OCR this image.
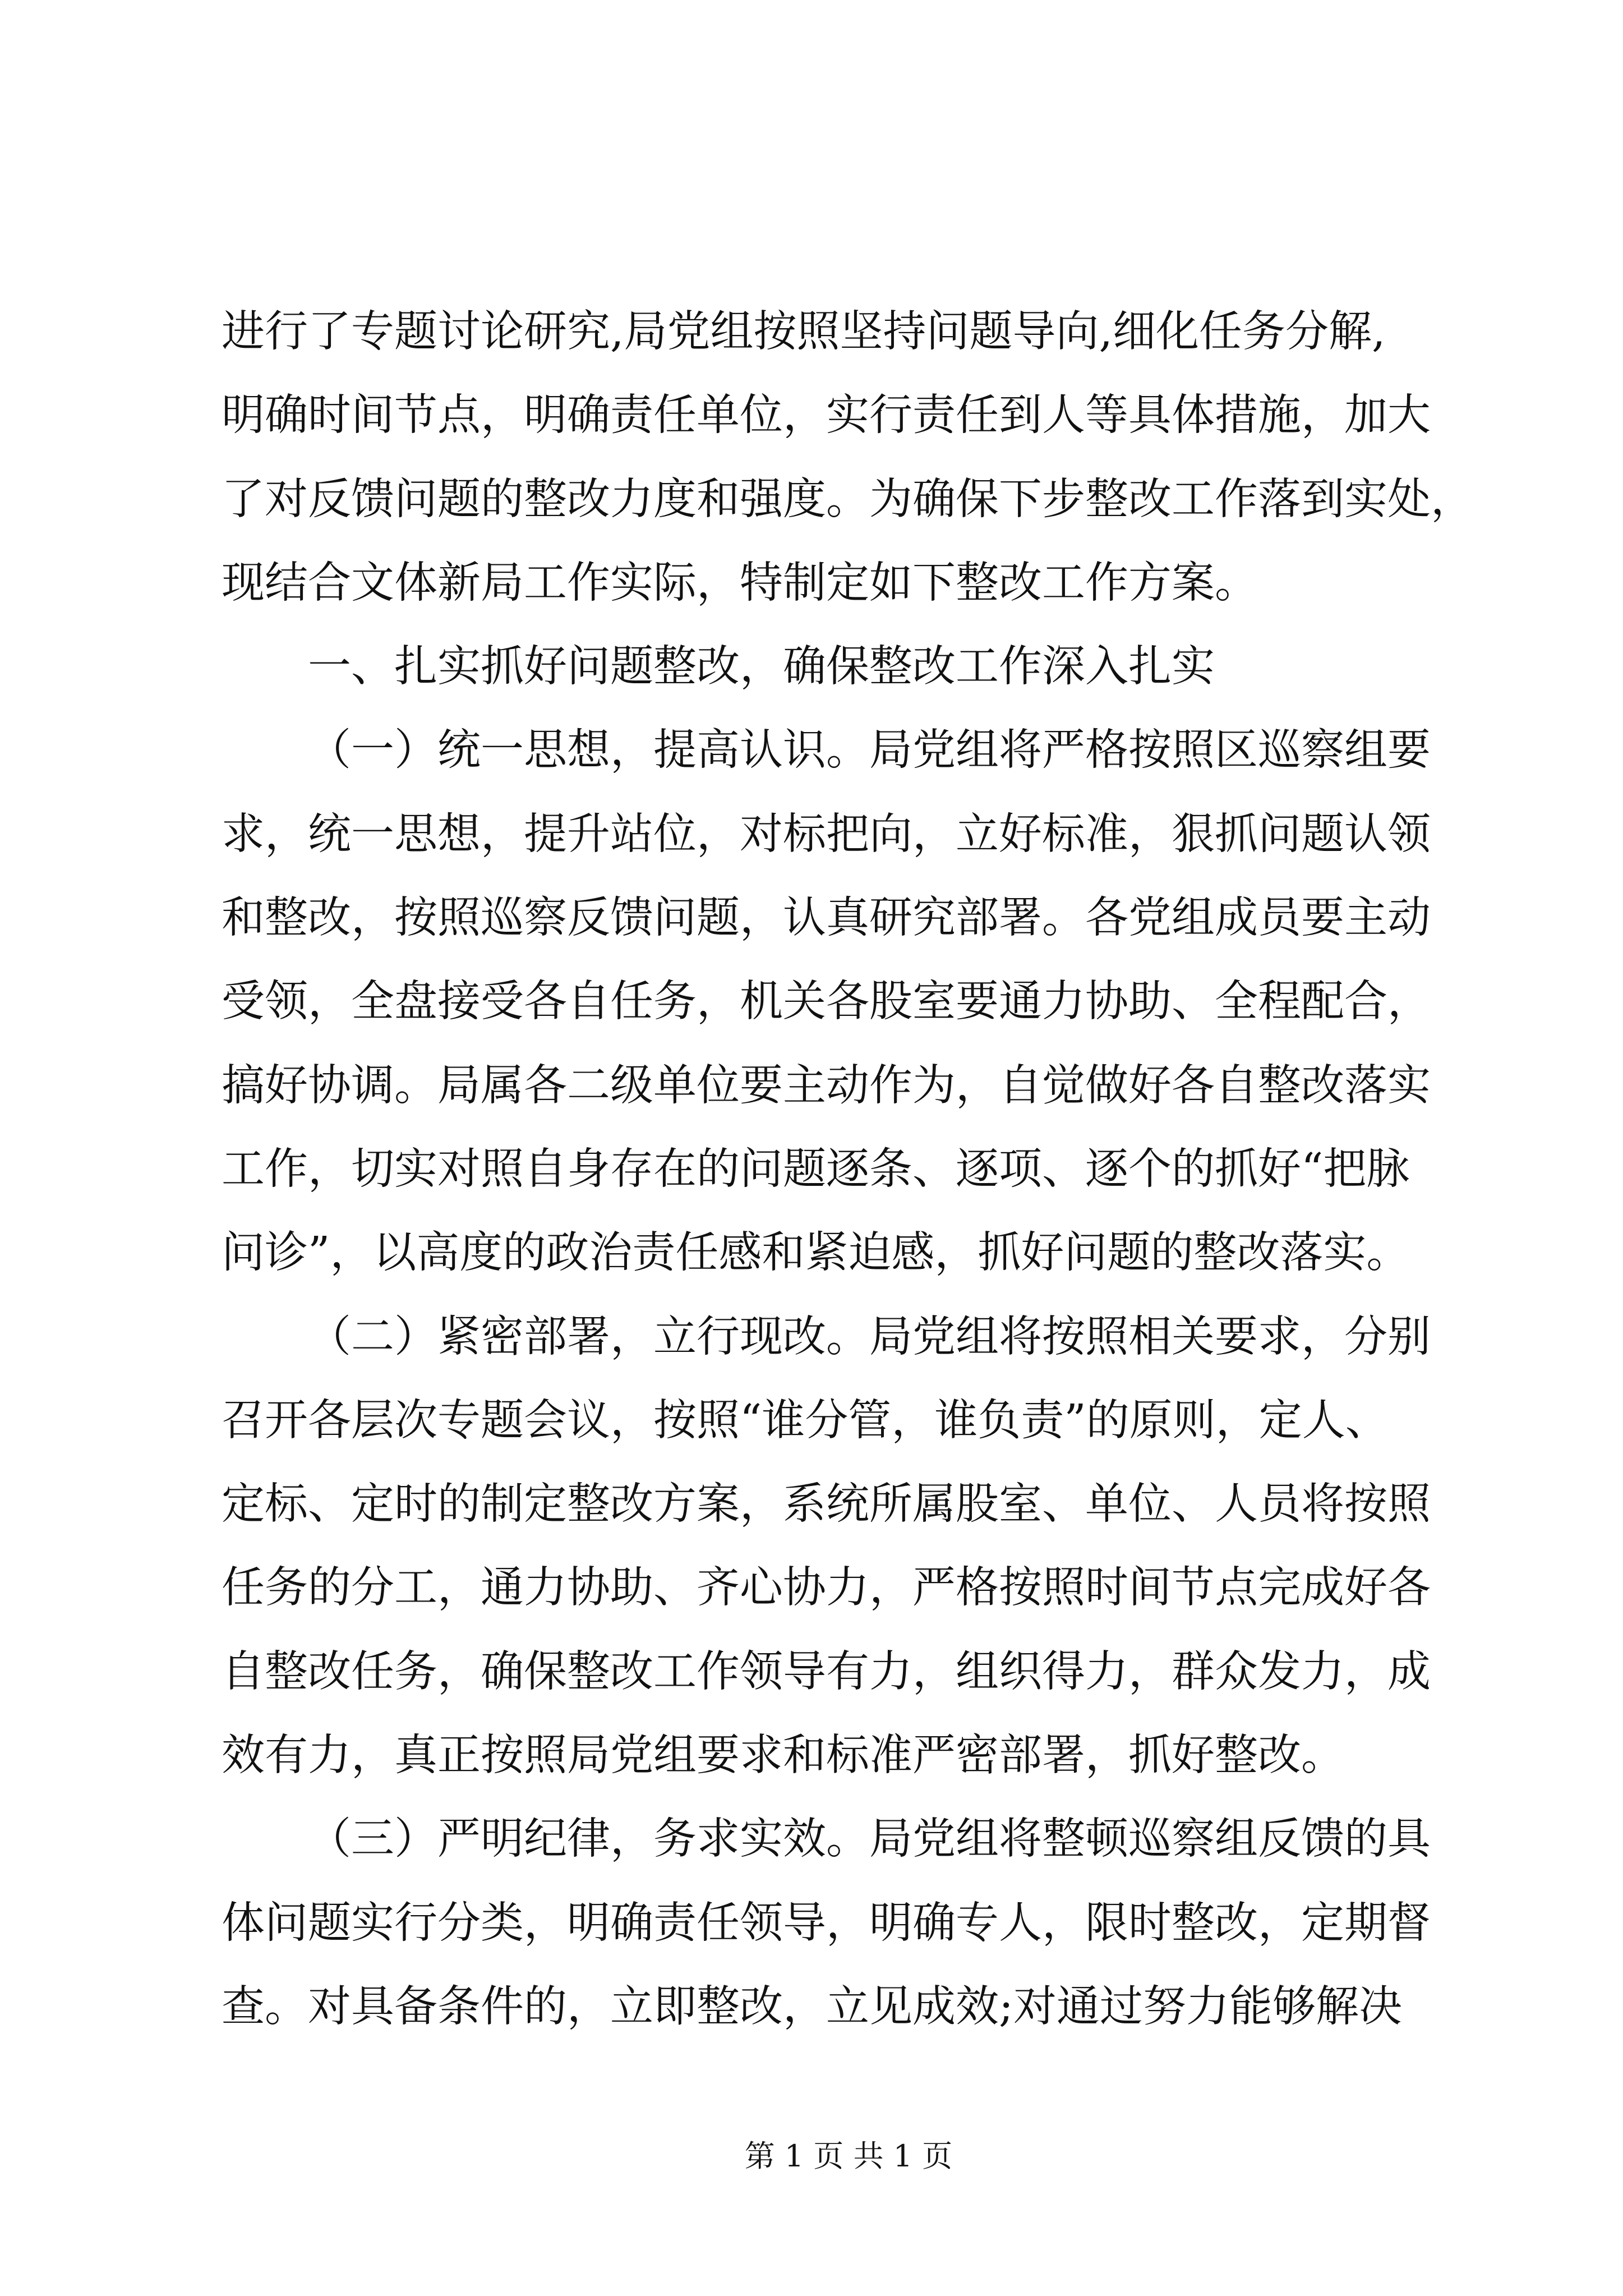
进行了专题讨论研究,局党组按照坚持问题导向,细化任务分解,
明确时间节点，明确责任单位，实行责任到人等具体措施，加大
了对反馈问题的整改力度和强度。为确保下步整改工作落到实处，
现结合文体新局工作实际，特制定如下整改工作方案。
一、扎实抓好问题整改，确保整改工作深入扎实
（一）统一思想，提高认识。局党组将严格按照区巡察组要
求，统一思想，提升站位，对标把向，立好标准，狠抓问题认领
和整改，按照巡察反馈问题，认真研究部署。各党组成员要主动
受领，全盘接受各自任务，机关各股室要通力协助、全程配合，
搞好协调。局属各二级单位要主动作为，自觉做好各自整改落实
工作，切实对照自身存在的问题逐条、逐项、逐个的抓好“把脉
问诊”，以高度的政治责任感和紧迫感，抓好问题的整改落实。
（二）紧密部署，立行现改。局党组将按照相关要求，分别
召开各层次专题会议，按照“谁分管，谁负责”的原则，定人、
定标、定时的制定整改方案，系统所属股室、单位、人员将按照
任务的分工，通力协助、齐心协力，严格按照时间节点完成好各
自整改任务，确保整改工作领导有力，组织得力，群众发力，成
效有力，真正按照局党组要求和标准严密部署，抓好整改。
（三）严明纪律，务求实效。局党组将整顿巡察组反馈的具
体问题实行分类，明确责任领导，明确专人，限时整改，定期督
查。对具备条件的，立即整改，立见成效;对通过努力能够解决
第 1 页 共 1 页
